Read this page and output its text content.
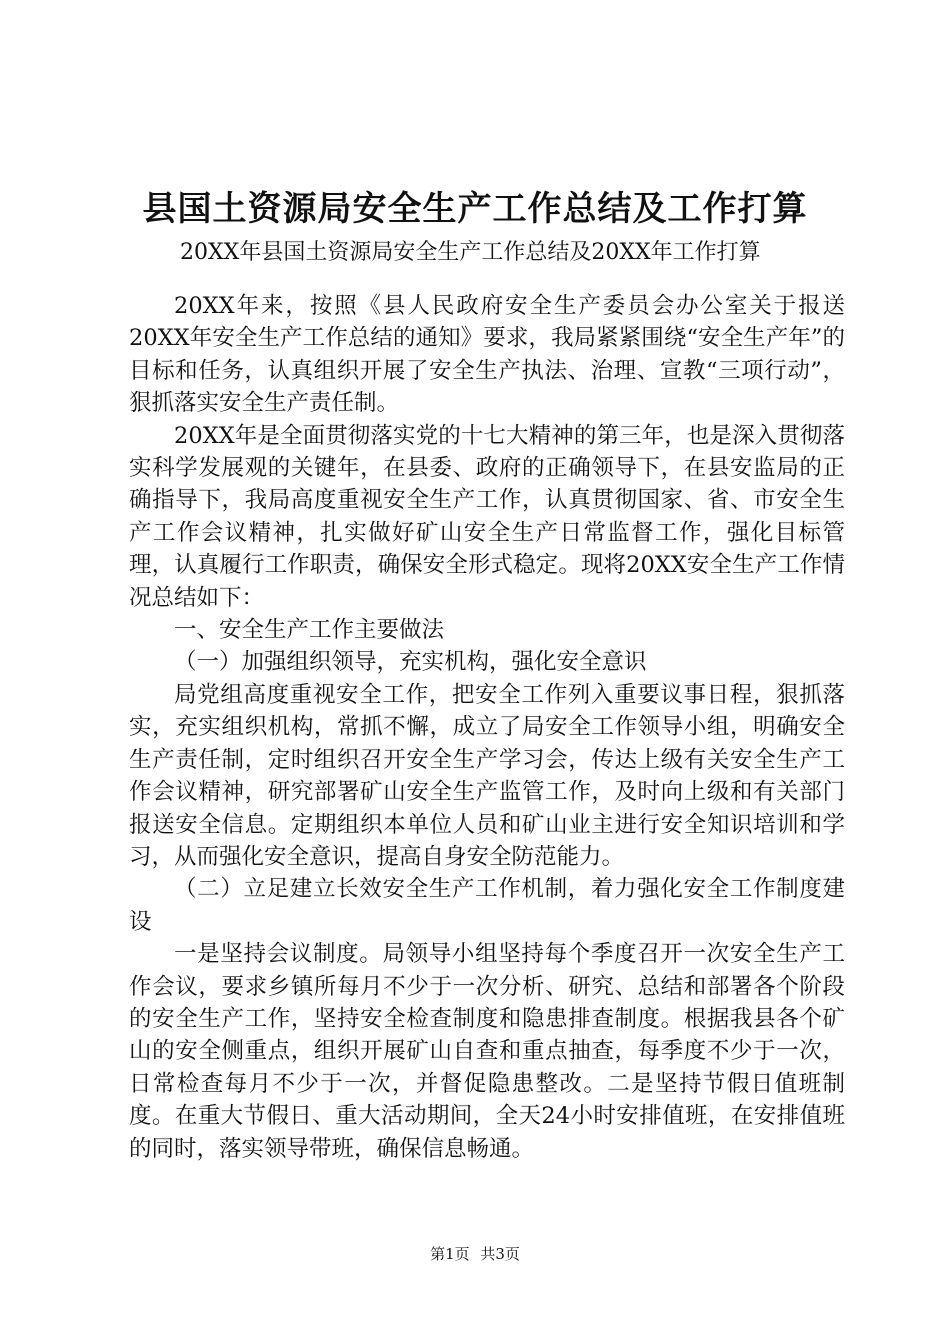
县国土资源局安全生产工作总结及工作打算
20XX年县国土资源局安全生产工作总结及20XX年工作打算

20XX年来，按照《县人民政府安全生产委员会办公室关于报送20XX年安全生产工作总结的通知》要求，我局紧紧围绕“安全生产年”的目标和任务，认真组织开展了安全生产执法、治理、宣教“三项行动”，狠抓落实安全生产责任制。

20XX年是全面贯彻落实党的十七大精神的第三年，也是深入贯彻落实科学发展观的关键年，在县委、政府的正确领导下，在县安监局的正确指导下，我局高度重视安全生产工作，认真贯彻国家、省、市安全生产工作会议精神，扎实做好矿山安全生产日常监督工作，强化目标管理，认真履行工作职责，确保安全形式稳定。现将20XX安全生产工作情况总结如下：

一、安全生产工作主要做法

（一）加强组织领导，充实机构，强化安全意识

局党组高度重视安全工作，把安全工作列入重要议事日程，狠抓落实，充实组织机构，常抓不懈，成立了局安全工作领导小组，明确安全生产责任制，定时组织召开安全生产学习会，传达上级有关安全生产工作会议精神，研究部署矿山安全生产监管工作，及时向上级和有关部门报送安全信息。定期组织本单位人员和矿山业主进行安全知识培训和学习，从而强化安全意识，提高自身安全防范能力。

（二）立足建立长效安全生产工作机制，着力强化安全工作制度建设

一是坚持会议制度。局领导小组坚持每个季度召开一次安全生产工作会议，要求乡镇所每月不少于一次分析、研究、总结和部署各个阶段的安全生产工作，坚持安全检查制度和隐患排查制度。根据我县各个矿山的安全侧重点，组织开展矿山自查和重点抽查，每季度不少于一次，日常检查每月不少于一次，并督促隐患整改。二是坚持节假日值班制度。在重大节假日、重大活动期间，全天24小时安排值班，在安排值班的同时，落实领导带班，确保信息畅通。

第1页 共3页
